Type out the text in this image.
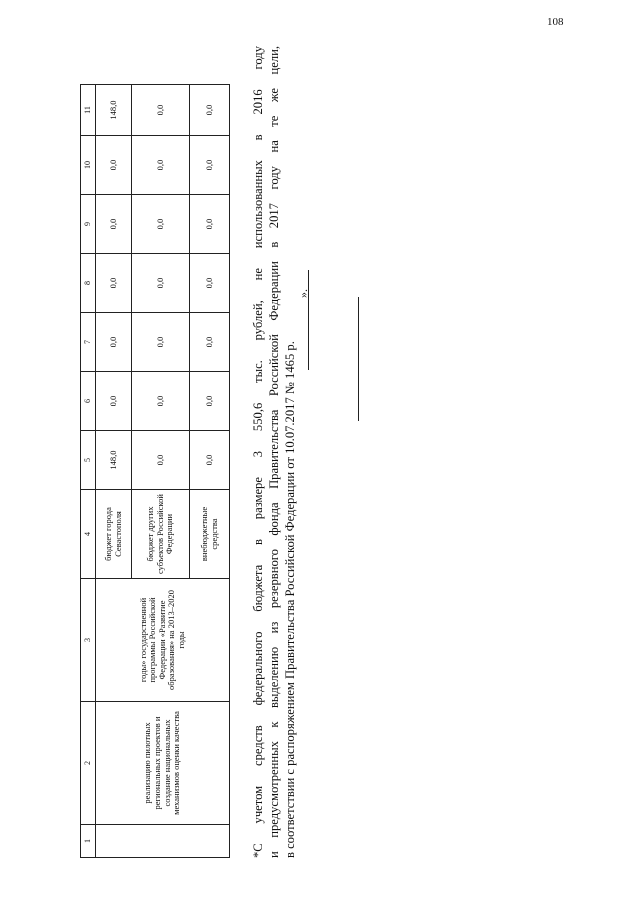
108
1	2	3	4	5	6	7	8	9	10	11
	реализацию пилотных региональных проектов и создание национальных механизмов оценки качества	годы» государственной программы Российской Федерации «Развитие образования» на 2013–2020 годы	бюджет города Севастополя	148,0	0,0	0,0	0,0	0,0	0,0	148,0
			бюджет других субъектов Российской Федерации	0,0	0,0	0,0	0,0	0,0	0,0	0,0
			внебюджетные средства	0,0	0,0	0,0	0,0	0,0	0,0	0,0	*С учетом средств федерального бюджета в размере 3 550,6 тыс. рублей, не использованных в 2016 году и предусмотренных к выделению из резервного фонда Правительства Российской Федерации в 2017 году на те же цели, в соответствии с распоряжением Правительства Российской Федерации от 10.07.2017 № 1465 р.

».
